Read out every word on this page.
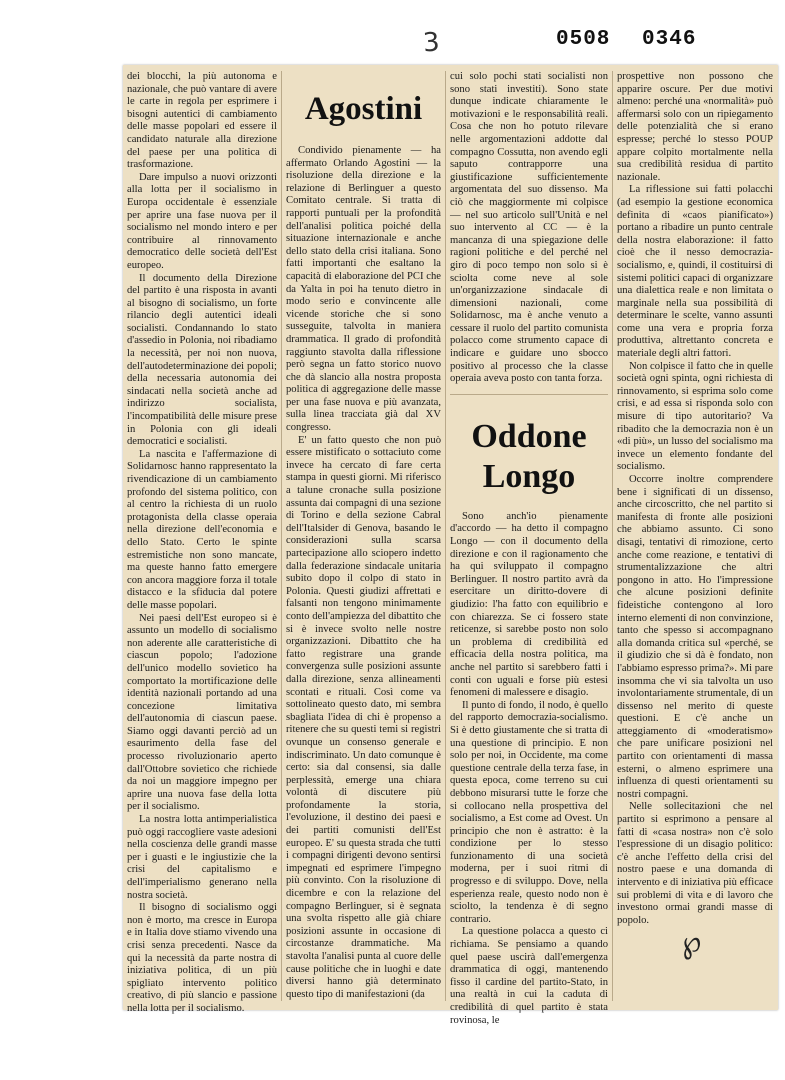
3	0508 0346

dei blocchi, la più autonoma e nazionale, che può vantare di avere le carte in regola per esprimere i bisogni autentici di cambiamento delle masse popolari ed essere il candidato naturale alla direzione del paese per una politica di trasformazione.

Dare impulso a nuovi orizzonti alla lotta per il socialismo in Europa occidentale è essenziale per aprire una fase nuova per il socialismo nel mondo intero e per contribuire al rinnovamento democratico delle società dell'Est europeo.

Il documento della Direzione del partito è una risposta in avanti al bisogno di socialismo, un forte rilancio degli autentici ideali socialisti. Condannando lo stato d'assedio in Polonia, noi ribadiamo la necessità, per noi non nuova, dell'autodeterminazione dei popoli; della necessaria autonomia dei sindacati nella società anche ad indirizzo socialista, l'incompatibilità delle misure prese in Polonia con gli ideali democratici e socialisti.

La nascita e l'affermazione di Solidarnosc hanno rappresentato la rivendicazione di un cambiamento profondo del sistema politico, con al centro la richiesta di un ruolo protagonista della classe operaia nella direzione dell'economia e dello Stato. Certo le spinte estremistiche non sono mancate, ma queste hanno fatto emergere con ancora maggiore forza il totale distacco e la sfiducia dal potere delle masse popolari.

Nei paesi dell'Est europeo si è assunto un modello di socialismo non aderente alle caratteristiche di ciascun popolo; l'adozione dell'unico modello sovietico ha comportato la mortificazione delle identità nazionali portando ad una concezione limitativa dell'autonomia di ciascun paese. Siamo oggi davanti perciò ad un esaurimento della fase del processo rivoluzionario aperto dall'Ottobre sovietico che richiede da noi un maggiore impegno per aprire una nuova fase della lotta per il socialismo.

La nostra lotta antimperialistica può oggi raccogliere vaste adesioni nella coscienza delle grandi masse per i guasti e le ingiustizie che la crisi del capitalismo e dell'imperialismo generano nella nostra società.

Il bisogno di socialismo oggi non è morto, ma cresce in Europa e in Italia dove stiamo vivendo una crisi senza precedenti. Nasce da qui la necessità da parte nostra di iniziativa politica, di un più spigliato intervento politico creativo, di più slancio e passione nella lotta per il socialismo.

Agostini

Condivido pienamente — ha affermato Orlando Agostini — la risoluzione della direzione e la relazione di Berlinguer a questo Comitato centrale. Si tratta di rapporti puntuali per la profondità dell'analisi politica poiché della situazione internazionale e anche dello stato della crisi italiana. Sono fatti importanti che esaltano la capacità di elaborazione del PCI che da Yalta in poi ha tenuto dietro in modo serio e convincente alle vicende storiche che si sono susseguite, talvolta in maniera drammatica. Il grado di profondità raggiunto stavolta dalla riflessione però segna un fatto storico nuovo che dà slancio alla nostra proposta politica di aggregazione delle masse per una fase nuova e più avanzata, sulla linea tracciata già dal XV congresso.

E' un fatto questo che non può essere mistificato o sottaciuto come invece ha cercato di fare certa stampa in questi giorni. Mi riferisco a talune cronache sulla posizione assunta dai compagni di una sezione di Torino e della sezione Cabral dell'Italsider di Genova, basando le considerazioni sulla scarsa partecipazione allo sciopero indetto dalla federazione sindacale unitaria subito dopo il colpo di stato in Polonia. Questi giudizi affrettati e falsanti non tengono minimamente conto dell'ampiezza del dibattito che si è invece svolto nelle nostre organizzazioni. Dibattito che ha fatto registrare una grande convergenza sulle posizioni assunte dalla direzione, senza allineamenti scontati e rituali. Così come va sottolineato questo dato, mi sembra sbagliata l'idea di chi è propenso a ritenere che su questi temi si registri ovunque un consenso generale e indiscriminato. Un dato comunque è certo: sia dal consensi, sia dalle perplessità, emerge una chiara volontà di discutere più profondamente la storia, l'evoluzione, il destino dei paesi e dei partiti comunisti dell'Est europeo. E' su questa strada che tutti i compagni dirigenti devono sentirsi impegnati ed esprimere l'impegno più convinto. Con la risoluzione di dicembre e con la relazione del compagno Berlinguer, si è segnata una svolta rispetto alle già chiare posizioni assunte in occasione di circostanze drammatiche. Ma stavolta l'analisi punta al cuore delle cause politiche che in luoghi e date diversi hanno già determinato questo tipo di manifestazioni (da

cui solo pochi stati socialisti non sono stati investiti). Sono state dunque indicate chiaramente le motivazioni e le responsabilità reali. Cosa che non ho potuto rilevare nelle argomentazioni addotte dal compagno Cossutta, non avendo egli saputo contrapporre una giustificazione sufficientemente argomentata del suo dissenso. Ma ciò che maggiormente mi colpisce — nel suo articolo sull'Unità e nel suo intervento al CC — è la mancanza di una spiegazione delle ragioni politiche e del perché nel giro di poco tempo non solo si è sciolta come neve al sole un'organizzazione sindacale di dimensioni nazionali, come Solidarnosc, ma è anche venuto a cessare il ruolo del partito comunista polacco come strumento capace di indicare e guidare uno sbocco positivo al processo che la classe operaia aveva posto con tanta forza.

Oddone Longo

Sono anch'io pienamente d'accordo — ha detto il compagno Longo — con il documento della direzione e con il ragionamento che ha qui sviluppato il compagno Berlinguer. Il nostro partito avrà da esercitare un diritto-dovere di giudizio: l'ha fatto con equilibrio e con chiarezza. Se ci fossero state reticenze, si sarebbe posto non solo un problema di credibilità ed efficacia della nostra politica, ma anche nel partito si sarebbero fatti i conti con uguali e forse più estesi fenomeni di malessere e disagio.

Il punto di fondo, il nodo, è quello del rapporto democrazia-socialismo. Si è detto giustamente che si tratta di una questione di principio. E non solo per noi, in Occidente, ma come questione centrale della terza fase, in questa epoca, come terreno su cui debbono misurarsi tutte le forze che si collocano nella prospettiva del socialismo, a Est come ad Ovest. Un principio che non è astratto: è la condizione per lo stesso funzionamento di una società moderna, per i suoi ritmi di progresso e di sviluppo. Dove, nella esperienza reale, questo nodo non è sciolto, la tendenza è di segno contrario.

La questione polacca a questo ci richiama. Se pensiamo a quando quel paese uscirà dall'emergenza drammatica di oggi, mantenendo fisso il cardine del partito-Stato, in una realtà in cui la caduta di credibilità di quel partito è stata rovinosa, le

prospettive non possono che apparire oscure. Per due motivi almeno: perché una «normalità» può affermarsi solo con un ripiegamento delle potenzialità che si erano espresse; perché lo stesso POUP appare colpito mortalmente nella sua credibilità residua di partito nazionale.

La riflessione sui fatti polacchi (ad esempio la gestione economica definita di «caos pianificato») portano a ribadire un punto centrale della nostra elaborazione: il fatto cioè che il nesso democrazia-socialismo, e, quindi, il costituirsi di sistemi politici capaci di organizzare una dialettica reale e non limitata o marginale nella sua possibilità di determinare le scelte, vanno assunti come una vera e propria forza produttiva, altrettanto concreta e materiale degli altri fattori.

Non colpisce il fatto che in quelle società ogni spinta, ogni richiesta di rinnovamento, si esprima solo come crisi, e ad essa si risponda solo con misure di tipo autoritario? Va ribadito che la democrazia non è un «di più», un lusso del socialismo ma invece un elemento fondante del socialismo.

Occorre inoltre comprendere bene i significati di un dissenso, anche circoscritto, che nel partito si manifesta di fronte alle posizioni che abbiamo assunto. Ci sono disagi, tentativi di rimozione, certo anche come reazione, e tentativi di strumentalizzazione che altri pongono in atto. Ho l'impressione che alcune posizioni definite fideistiche contengono al loro interno elementi di non convinzione, tanto che spesso si accompagnano alla domanda critica sul «perché, se il giudizio che si dà è fondato, non l'abbiamo espresso prima?». Mi pare insomma che vi sia talvolta un uso involontariamente strumentale, di un dissenso nel merito di queste questioni. E c'è anche un atteggiamento di «moderatismo» che pare unificare posizioni nel partito con orientamenti di massa esterni, o almeno esprimere una influenza di questi orientamenti su nostri compagni.

Nelle sollecitazioni che nel partito si esprimono a pensare al fatti di «casa nostra» non c'è solo l'espressione di un disagio politico: c'è anche l'effetto della crisi del nostro paese e una domanda di intervento e di iniziativa più efficace sui problemi di vita e di lavoro che investono ormai grandi masse di popolo.

℘
